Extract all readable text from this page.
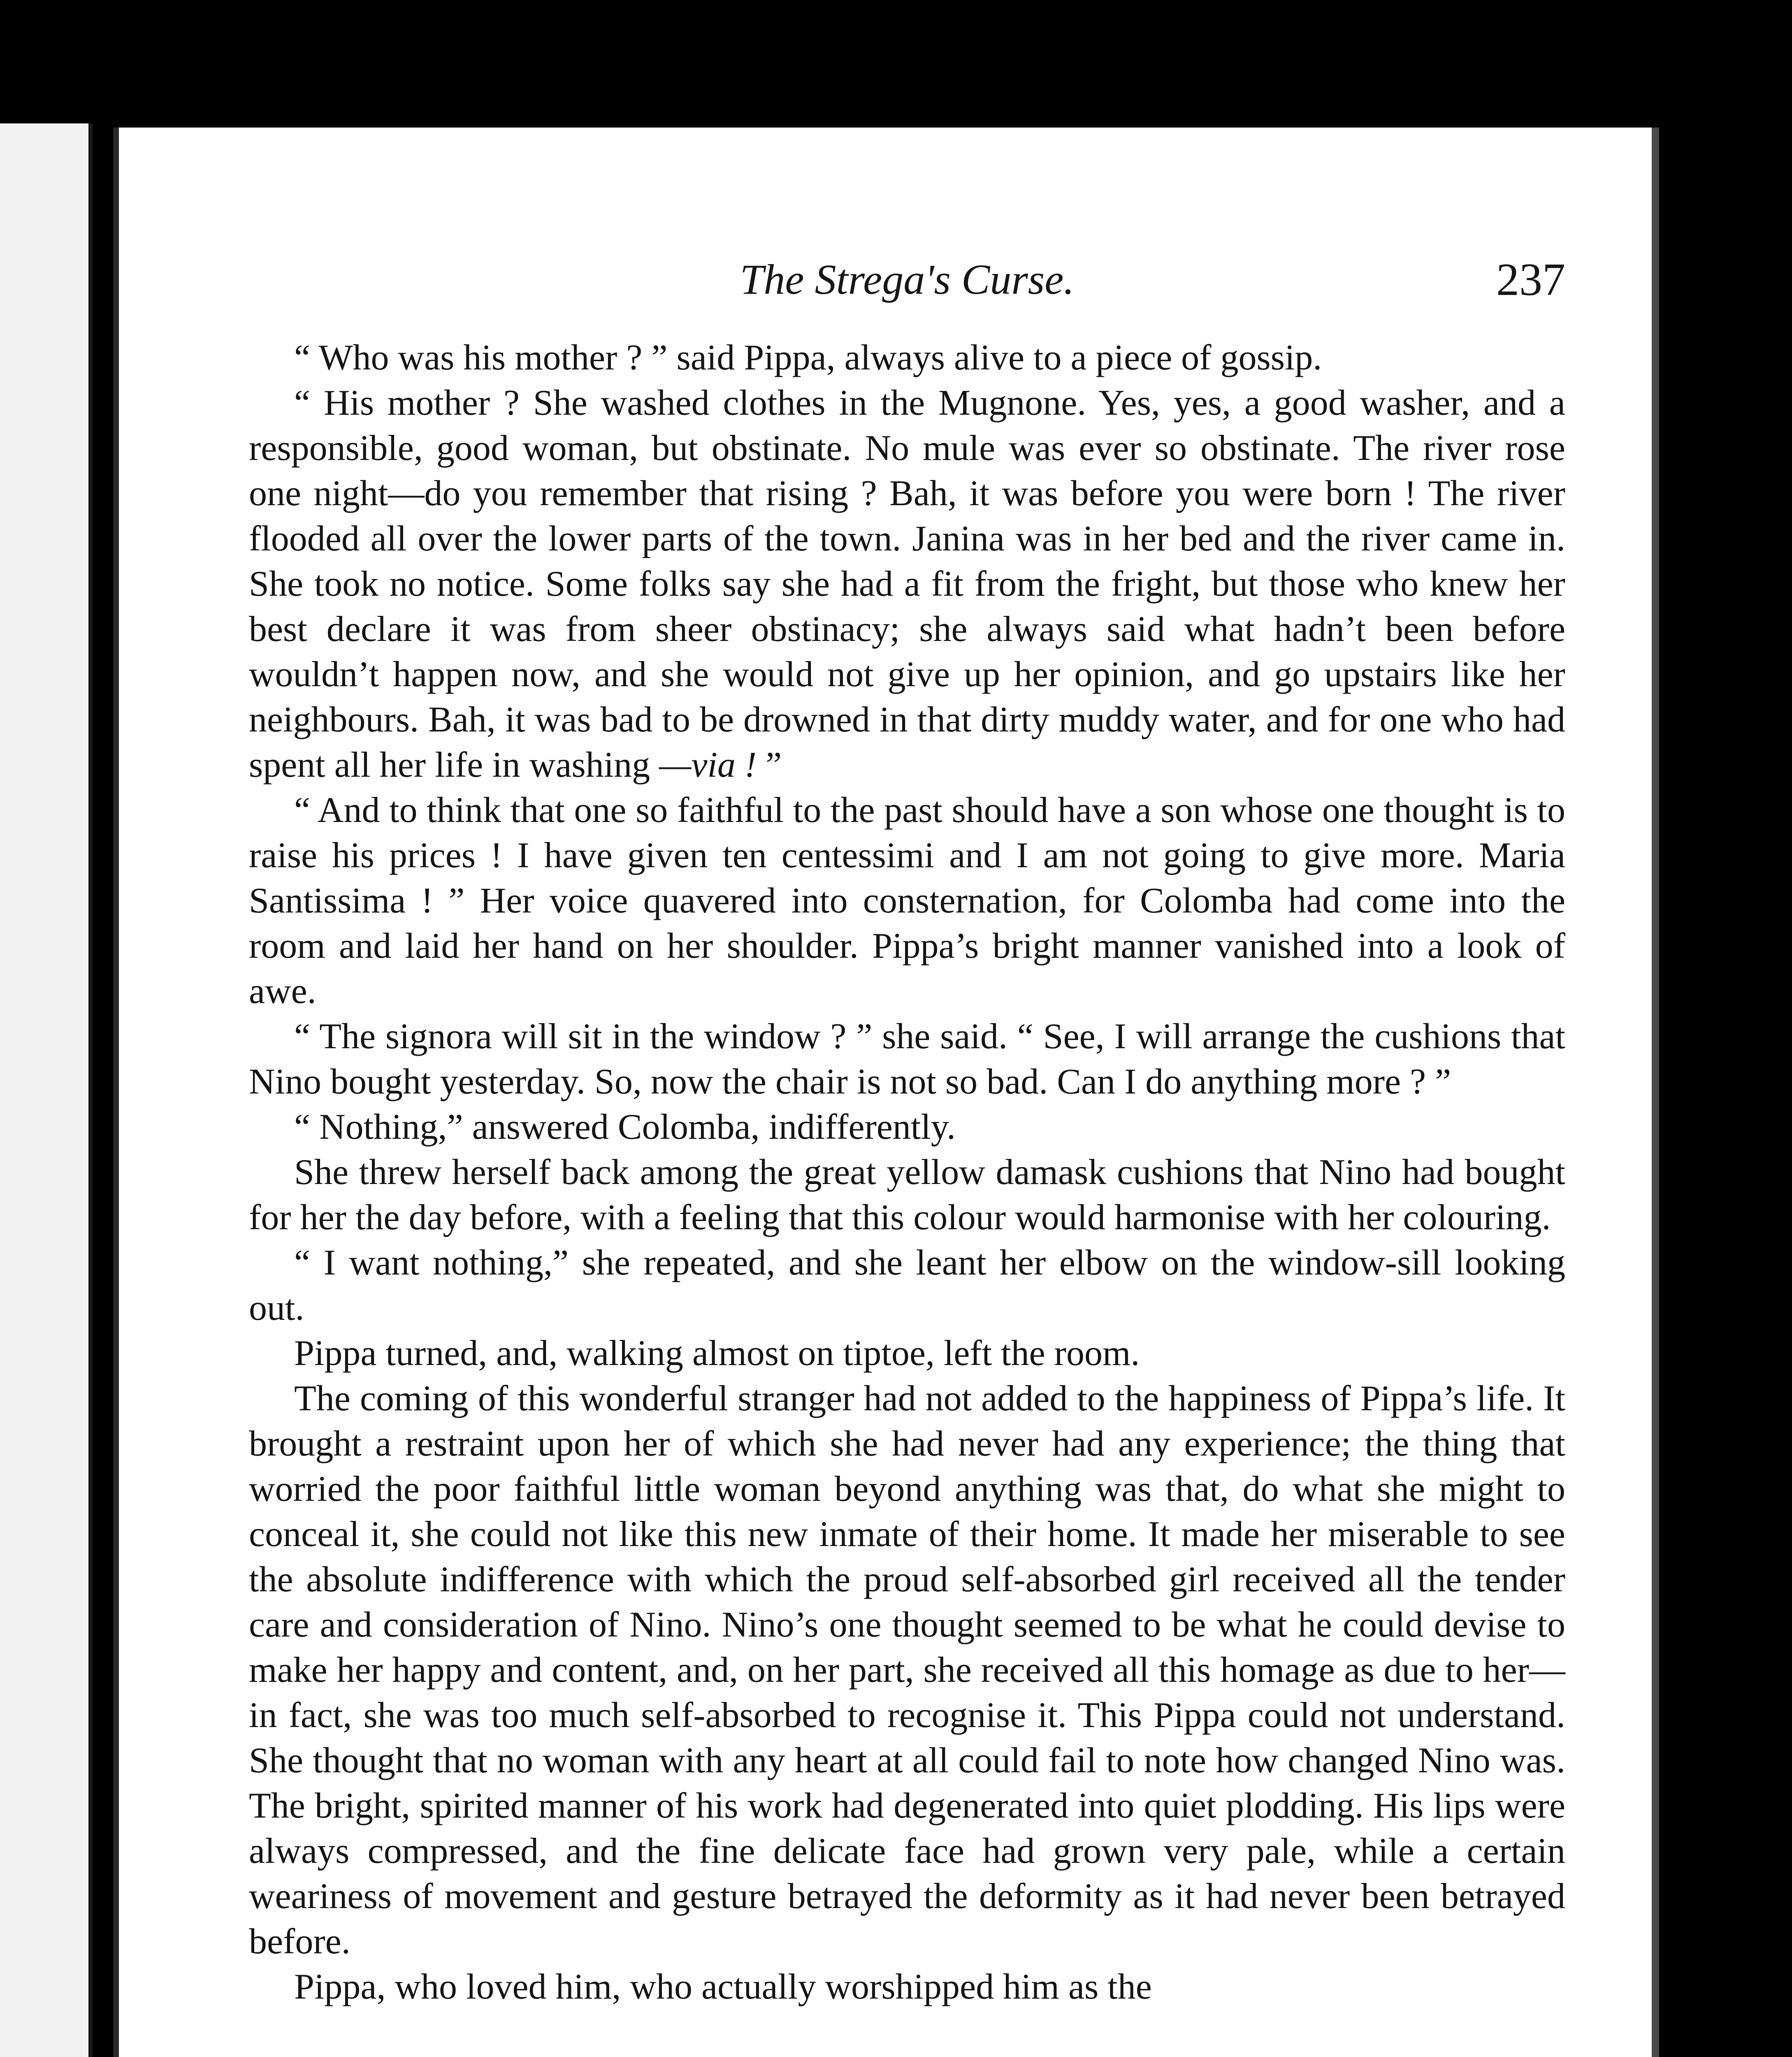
The Strega's Curse.	237

“ Who was his mother ? ” said Pippa, always alive to a piece of gossip.

“ His mother ? She washed clothes in the Mugnone. Yes, yes, a good washer, and a responsible, good woman, but obstinate. No mule was ever so obstinate. The river rose one night—do you remember that rising ? Bah, it was before you were born ! The river flooded all over the lower parts of the town. Janina was in her bed and the river came in. She took no notice. Some folks say she had a fit from the fright, but those who knew her best declare it was from sheer obstinacy; she always said what hadn’t been before wouldn’t happen now, and she would not give up her opinion, and go upstairs like her neighbours. Bah, it was bad to be drowned in that dirty muddy water, and for one who had spent all her life in washing —via ! ”

“ And to think that one so faithful to the past should have a son whose one thought is to raise his prices ! I have given ten centessimi and I am not going to give more. Maria Santissima ! ” Her voice quavered into consternation, for Colomba had come into the room and laid her hand on her shoulder. Pippa’s bright manner vanished into a look of awe.

“ The signora will sit in the window ? ” she said. “ See, I will arrange the cushions that Nino bought yesterday. So, now the chair is not so bad. Can I do anything more ? ”

“ Nothing,” answered Colomba, indifferently.

She threw herself back among the great yellow damask cushions that Nino had bought for her the day before, with a feeling that this colour would harmonise with her colouring.

“ I want nothing,” she repeated, and she leant her elbow on the window-sill looking out.

Pippa turned, and, walking almost on tiptoe, left the room.

The coming of this wonderful stranger had not added to the happiness of Pippa’s life. It brought a restraint upon her of which she had never had any experience; the thing that worried the poor faithful little woman beyond anything was that, do what she might to conceal it, she could not like this new inmate of their home. It made her miserable to see the absolute indifference with which the proud self-absorbed girl received all the tender care and consideration of Nino. Nino’s one thought seemed to be what he could devise to make her happy and content, and, on her part, she received all this homage as due to her—in fact, she was too much self-absorbed to recognise it. This Pippa could not understand. She thought that no woman with any heart at all could fail to note how changed Nino was. The bright, spirited manner of his work had degenerated into quiet plodding. His lips were always compressed, and the fine delicate face had grown very pale, while a certain weariness of movement and gesture betrayed the deformity as it had never been betrayed before.

Pippa, who loved him, who actually worshipped him as the
